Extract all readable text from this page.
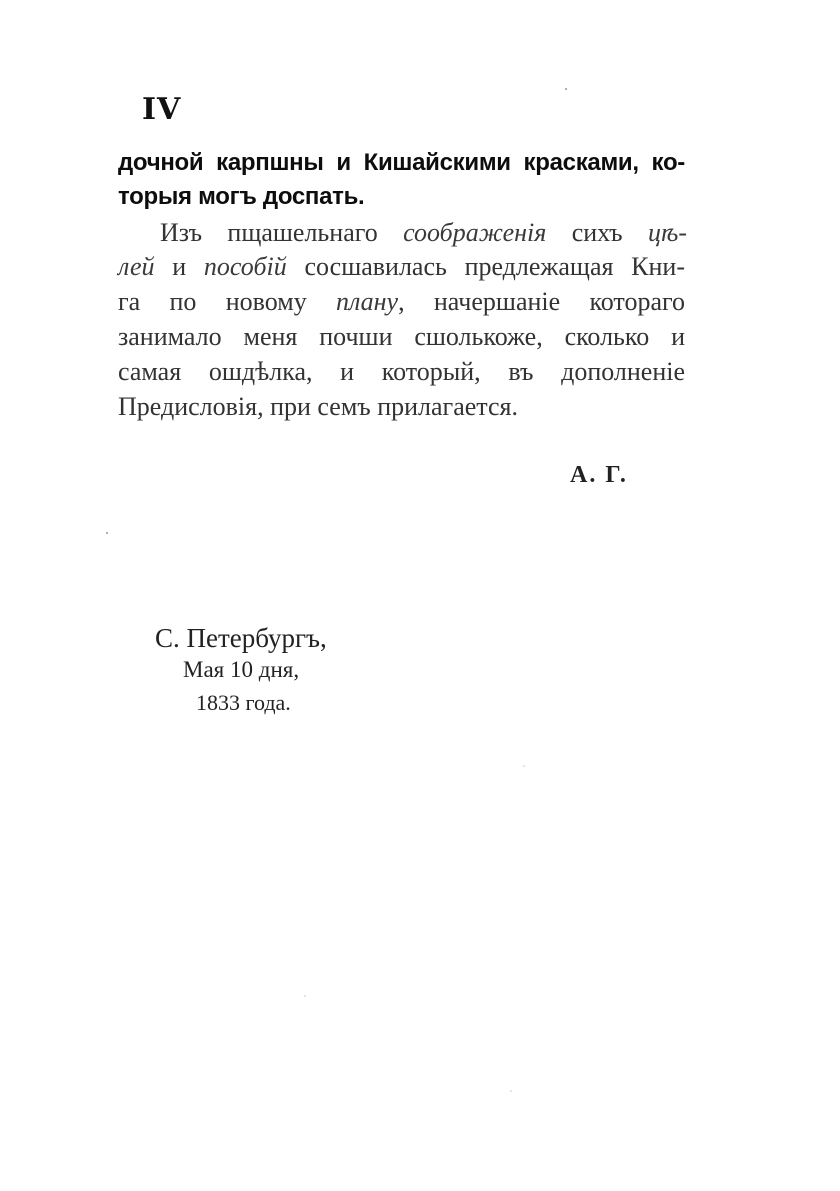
IV
дочной карпшны и Кишайскими красками, ко-
торыя могъ доспать.
Изъ пщашельнаго соображенія сихъ цѣ-
лей и пособій сосшавилась предлежащая Кни-
га по новому плану, начершаніе котораго
занимало меня почши сшолькоже, сколько и
самая ошдѣлка, и который, въ дополненіе
Предисловія, при семъ прилагается.
А. Г.
С. Петербургъ,
Мая 10 дня,
1833 года.
